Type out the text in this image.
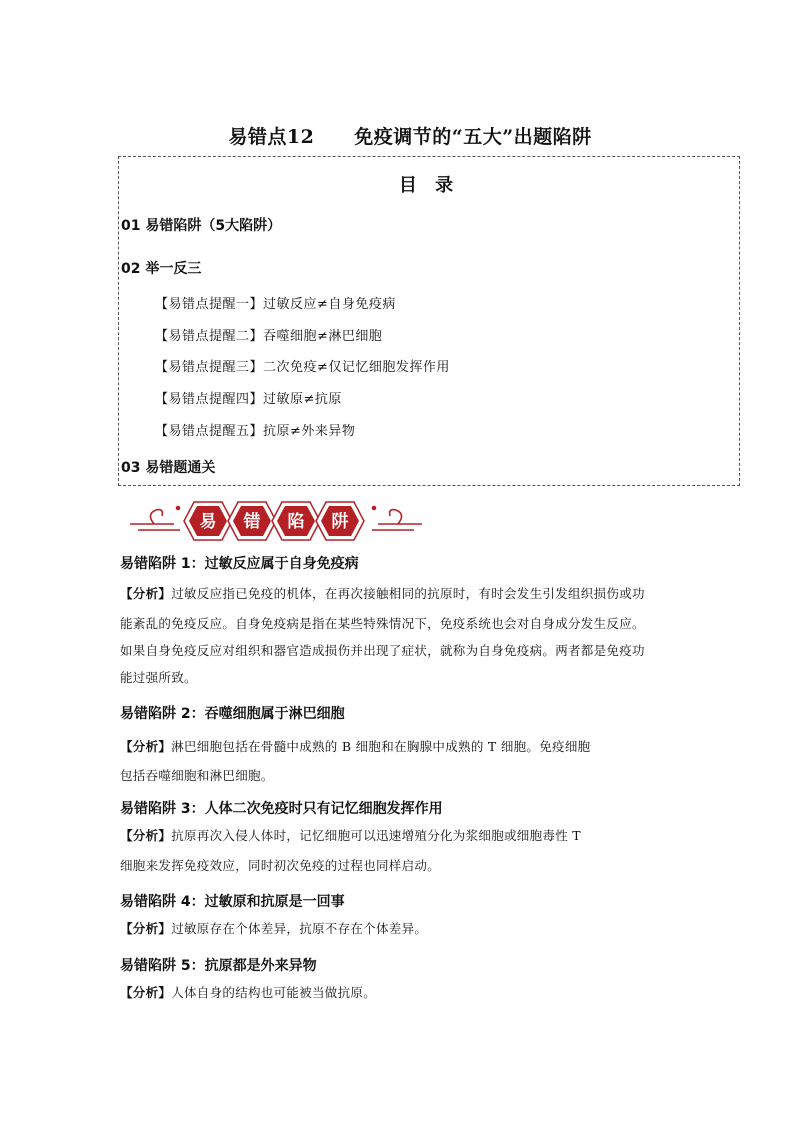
易错点12 免疫调节的“五大”出题陷阱
目 录
01 易错陷阱（5大陷阱）
02 举一反三
【易错点提醒一】过敏反应≠自身免疫病
【易错点提醒二】吞噬细胞≠淋巴细胞
【易错点提醒三】二次免疫≠仅记忆细胞发挥作用
【易错点提醒四】过敏原≠抗原
【易错点提醒五】抗原≠外来异物
03 易错题通关
易 错 陷 阱
易错陷阱 1：过敏反应属于自身免疫病
【分析】过敏反应指已免疫的机体，在再次接触相同的抗原时，有时会发生引发组织损伤或功
能紊乱的免疫反应。自身免疫病是指在某些特殊情况下，免疫系统也会对自身成分发生反应。
如果自身免疫反应对组织和器官造成损伤并出现了症状，就称为自身免疫病。两者都是免疫功
能过强所致。
易错陷阱 2：吞噬细胞属于淋巴细胞
【分析】淋巴细胞包括在骨髓中成熟的 B 细胞和在胸腺中成熟的 T 细胞。免疫细胞
包括吞噬细胞和淋巴细胞。
易错陷阱 3：人体二次免疫时只有记忆细胞发挥作用
【分析】抗原再次入侵人体时，记忆细胞可以迅速增殖分化为浆细胞或细胞毒性 T
细胞来发挥免疫效应，同时初次免疫的过程也同样启动。
易错陷阱 4：过敏原和抗原是一回事
【分析】过敏原存在个体差异，抗原不存在个体差异。
易错陷阱 5：抗原都是外来异物
【分析】人体自身的结构也可能被当做抗原。
